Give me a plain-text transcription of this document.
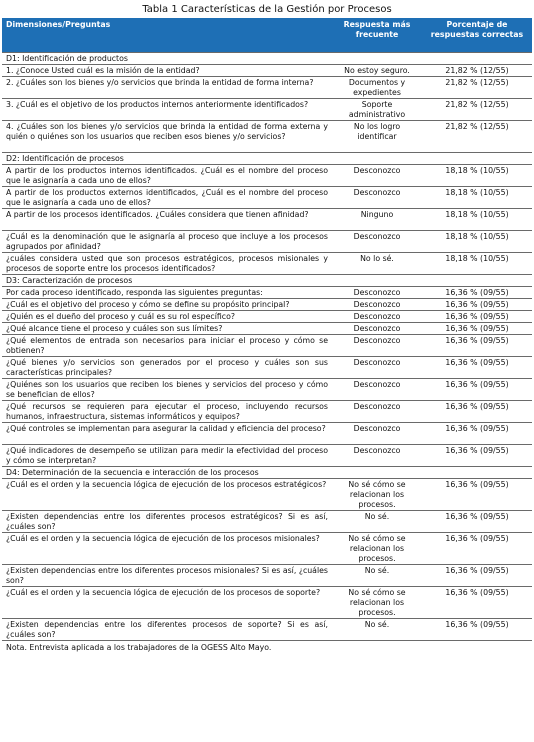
Tabla 1 Características de la Gestión por Procesos
Dimensiones/Preguntas	Respuesta más frecuente	Porcentaje de respuestas correctas
D1: Identificación de productos		
1. ¿Conoce Usted cuál es la misión de la entidad?	No estoy seguro.	21,82 % (12/55)
2. ¿Cuáles son los bienes y/o servicios que brinda la entidad de forma interna?	Documentos y expedientes	21,82 % (12/55)
3. ¿Cuál es el objetivo de los productos internos anteriormente identificados?	Soporte administrativo	21,82 % (12/55)
4. ¿Cuáles son los bienes y/o servicios que brinda la entidad de forma externa y quién o quiénes son los usuarios que reciben esos bienes y/o servicios?	No los logro identificar	21,82 % (12/55)
D2: Identificación de procesos		
A partir de los productos internos identificados. ¿Cuál es el nombre del proceso que le asignaría a cada uno de ellos?	Desconozco	18,18 % (10/55)
A partir de los productos externos identificados, ¿Cuál es el nombre del proceso que le asignaría a cada uno de ellos?	Desconozco	18,18 % (10/55)
A partir de los procesos identificados. ¿Cuáles considera que tienen afinidad?	Ninguno	18,18 % (10/55)
¿Cuál es la denominación que le asignaría al proceso que incluye a los procesos agrupados por afinidad?	Desconozco	18,18 % (10/55)
¿cuáles considera usted que son procesos estratégicos, procesos misionales y procesos de soporte entre los procesos identificados?	No lo sé.	18,18 % (10/55)
D3: Caracterización de procesos		
Por cada proceso identificado, responda las siguientes preguntas:	Desconozco	16,36 % (09/55)
¿Cuál es el objetivo del proceso y cómo se define su propósito principal?	Desconozco	16,36 % (09/55)
¿Quién es el dueño del proceso y cuál es su rol específico?	Desconozco	16,36 % (09/55)
¿Qué alcance tiene el proceso y cuáles son sus límites?	Desconozco	16,36 % (09/55)
¿Qué elementos de entrada son necesarios para iniciar el proceso y cómo se obtienen?	Desconozco	16,36 % (09/55)
¿Qué bienes y/o servicios son generados por el proceso y cuáles son sus características principales?	Desconozco	16,36 % (09/55)
¿Quiénes son los usuarios que reciben los bienes y servicios del proceso y cómo se benefician de ellos?	Desconozco	16,36 % (09/55)
¿Qué recursos se requieren para ejecutar el proceso, incluyendo recursos humanos, infraestructura, sistemas informáticos y equipos?	Desconozco	16,36 % (09/55)
¿Qué controles se implementan para asegurar la calidad y eficiencia del proceso?	Desconozco	16,36 % (09/55)
¿Qué indicadores de desempeño se utilizan para medir la efectividad del proceso y cómo se interpretan?	Desconozco	16,36 % (09/55)
D4: Determinación de la secuencia e interacción de los procesos		
¿Cuál es el orden y la secuencia lógica de ejecución de los procesos estratégicos?	No sé cómo se relacionan los procesos.	16,36 % (09/55)
¿Existen dependencias entre los diferentes procesos estratégicos? Si es así, ¿cuáles son?	No sé.	16,36 % (09/55)
¿Cuál es el orden y la secuencia lógica de ejecución de los procesos misionales?	No sé cómo se relacionan los procesos.	16,36 % (09/55)
¿Existen dependencias entre los diferentes procesos misionales? Si es así, ¿cuáles son?	No sé.	16,36 % (09/55)
¿Cuál es el orden y la secuencia lógica de ejecución de los procesos de soporte?	No sé cómo se relacionan los procesos.	16,36 % (09/55)
¿Existen dependencias entre los diferentes procesos de soporte? Si es así, ¿cuáles son?	No sé.	16,36 % (09/55)
Nota. Entrevista aplicada a los trabajadores de la OGESS Alto Mayo.
